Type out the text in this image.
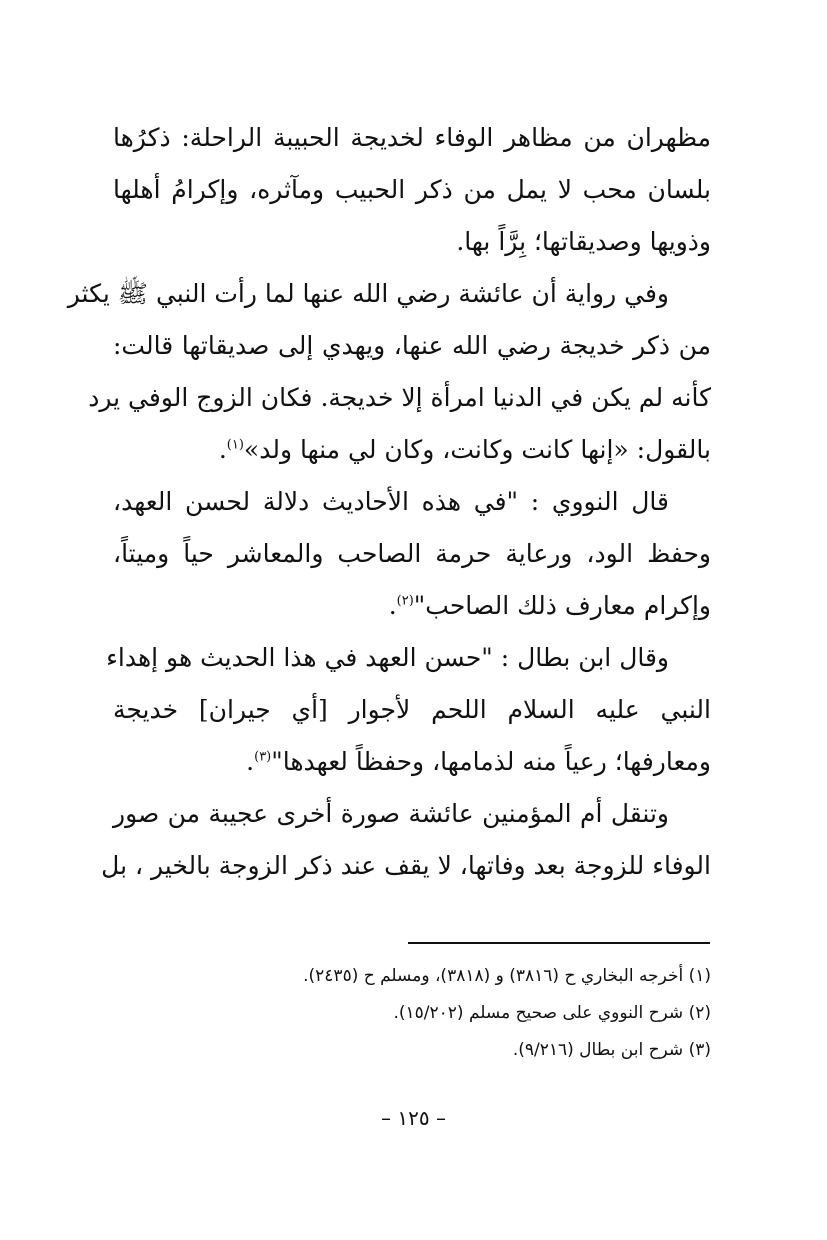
مظهران من مظاهر الوفاء لخديجة الحبيبة الراحلة: ذكرُها
بلسان محب لا يمل من ذكر الحبيب ومآثره، وإكرامُ أهلها
وذويها وصديقاتها؛ بِرَّاً بها.
وفي رواية أن عائشة رضي الله عنها لما رأت النبي ﷺ يكثر
من ذكر خديجة رضي الله عنها، ويهدي إلى صديقاتها قالت:
كأنه لم يكن في الدنيا امرأة إلا خديجة. فكان الزوج الوفي يرد
بالقول: «إنها كانت وكانت، وكان لي منها ولد»$^{(١)}$.
قال النووي : "في هذه الأحاديث دلالة لحسن العهد،
وحفظ الود، ورعاية حرمة الصاحب والمعاشر حياً وميتاً،
وإكرام معارف ذلك الصاحب"$^{(٢)}$.
وقال ابن بطال : "حسن العهد في هذا الحديث هو إهداء
النبي عليه السلام اللحم لأجوار [أي جيران] خديجة
ومعارفها؛ رعياً منه لذمامها، وحفظاً لعهدها"$^{(٣)}$.
وتنقل أم المؤمنين عائشة صورة أخرى عجيبة من صور
الوفاء للزوجة بعد وفاتها، لا يقف عند ذكر الزوجة بالخير ، بل
(١) أخرجه البخاري ح (٣٨١٦) و (٣٨١٨)، ومسلم ح (٢٤٣٥).
(٢) شرح النووي على صحيح مسلم (١٥/٢٠٢).
(٣) شرح ابن بطال (٩/٢١٦).
– ١٢٥ –
